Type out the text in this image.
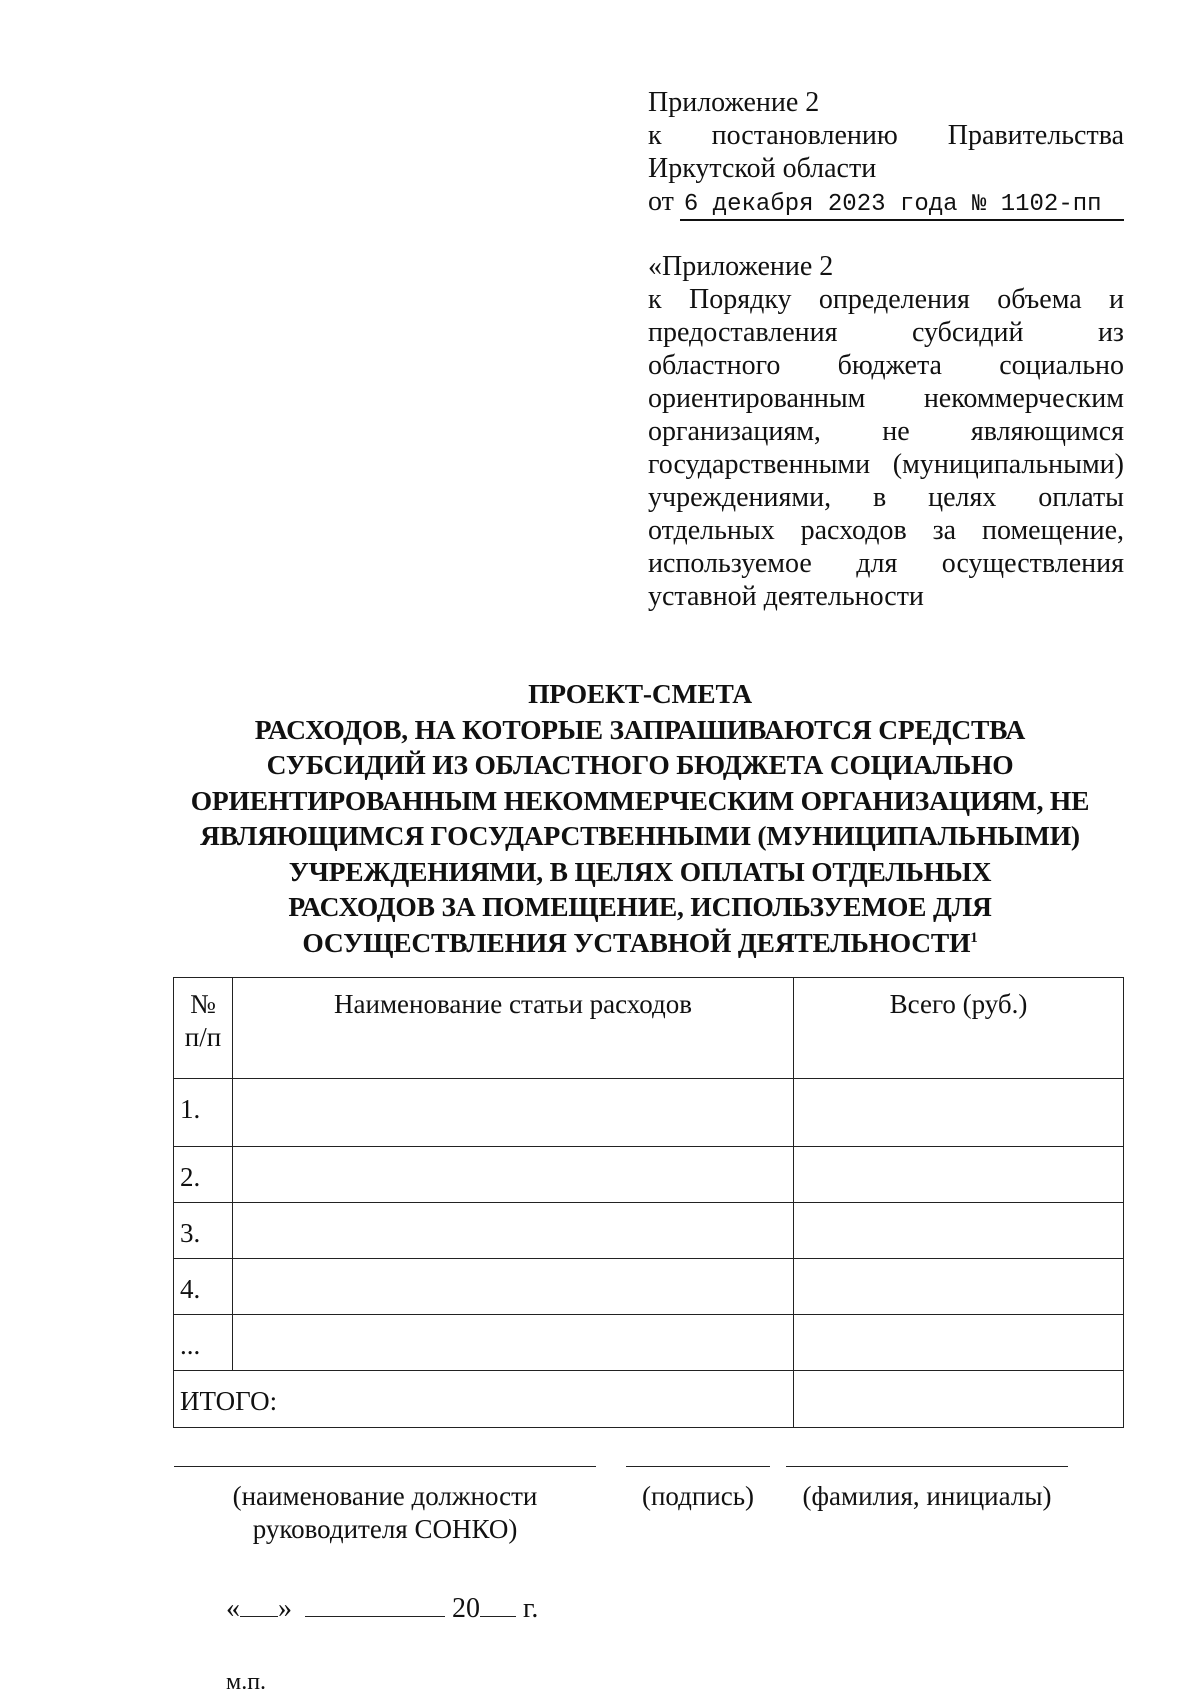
Приложение 2
к постановлению Правительства
Иркутской области
от 6 декабря 2023 года № 1102-пп
«Приложение 2
к Порядку определения объема и
предоставления субсидий из
областного бюджета социально
ориентированным некоммерческим
организациям, не являющимся
государственными (муниципальными)
учреждениями, в целях оплаты
отдельных расходов за помещение,
используемое для осуществления
уставной деятельности
ПРОЕКТ-СМЕТА
РАСХОДОВ, НА КОТОРЫЕ ЗАПРАШИВАЮТСЯ СРЕДСТВА
СУБСИДИЙ ИЗ ОБЛАСТНОГО БЮДЖЕТА СОЦИАЛЬНО
ОРИЕНТИРОВАННЫМ НЕКОММЕРЧЕСКИМ ОРГАНИЗАЦИЯМ, НЕ
ЯВЛЯЮЩИМСЯ ГОСУДАРСТВЕННЫМИ (МУНИЦИПАЛЬНЫМИ)
УЧРЕЖДЕНИЯМИ, В ЦЕЛЯХ ОПЛАТЫ ОТДЕЛЬНЫХ
РАСХОДОВ ЗА ПОМЕЩЕНИЕ, ИСПОЛЬЗУЕМОЕ ДЛЯ
ОСУЩЕСТВЛЕНИЯ УСТАВНОЙ ДЕЯТЕЛЬНОСТИ$^1$
№
п/п	Наименование статьи расходов	Всего (руб.)

1.		

2.		

3.		

4.		

...		

ИТОГО:		

(наименование должности
руководителя СОНКО)
(подпись)	(фамилия, инициалы)
« »	20 г.
м.п.
